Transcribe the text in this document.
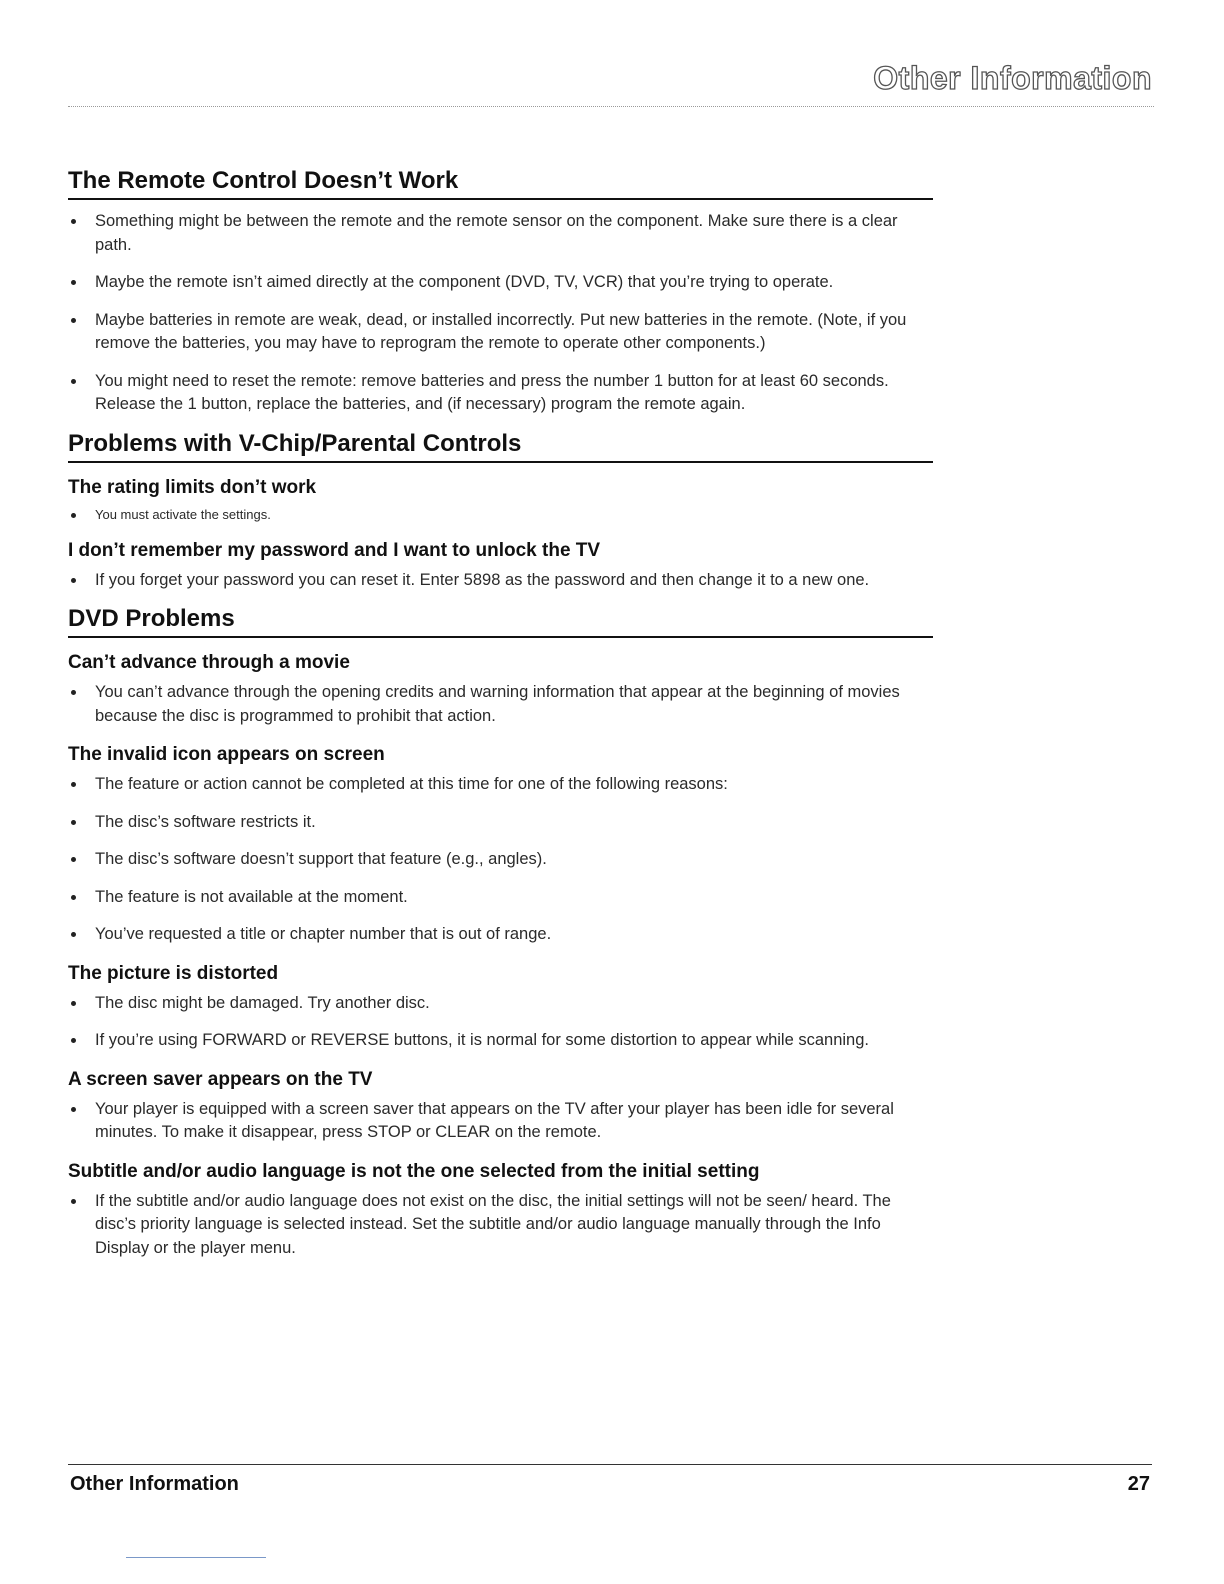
Other Information
The Remote Control Doesn’t Work
Something might be between the remote and the remote sensor on the component. Make sure there is a clear path.
Maybe the remote isn’t aimed directly at the component (DVD, TV, VCR) that you’re trying to operate.
Maybe batteries in remote are weak, dead, or installed incorrectly. Put new batteries in the remote. (Note, if you remove the batteries, you may have to reprogram the remote to operate other components.)
You might need to reset the remote: remove batteries and press the number 1 button for at least 60 seconds. Release the 1 button, replace the batteries, and (if necessary) program the remote again.
Problems with V-Chip/Parental Controls
The rating limits don’t work
You must activate the settings.
I don’t remember my password and I want to unlock the TV
If you forget your password you can reset it. Enter 5898 as the password and then change it to a new one.
DVD Problems
Can’t advance through a movie
You can’t advance through the opening credits and warning information that appear at the beginning of movies because the disc is programmed to prohibit that action.
The invalid icon appears on screen
The feature or action cannot be completed at this time for one of the following reasons:
The disc’s software restricts it.
The disc’s software doesn’t support that feature (e.g., angles).
The feature is not available at the moment.
You’ve requested a title or chapter number that is out of range.
The picture is distorted
The disc might be damaged. Try another disc.
If you’re using FORWARD or REVERSE buttons, it is normal for some distortion to appear while scanning.
A screen saver appears on the TV
Your player is equipped with a screen saver that appears on the TV after your player has been idle for several minutes. To make it disappear, press STOP or CLEAR on the remote.
Subtitle and/or audio language is not the one selected from the initial setting
If the subtitle and/or audio language does not exist on the disc, the initial settings will not be seen/ heard. The disc’s priority language is selected instead. Set the subtitle and/or audio language manually through the Info Display or the player menu.
Other Information	27
